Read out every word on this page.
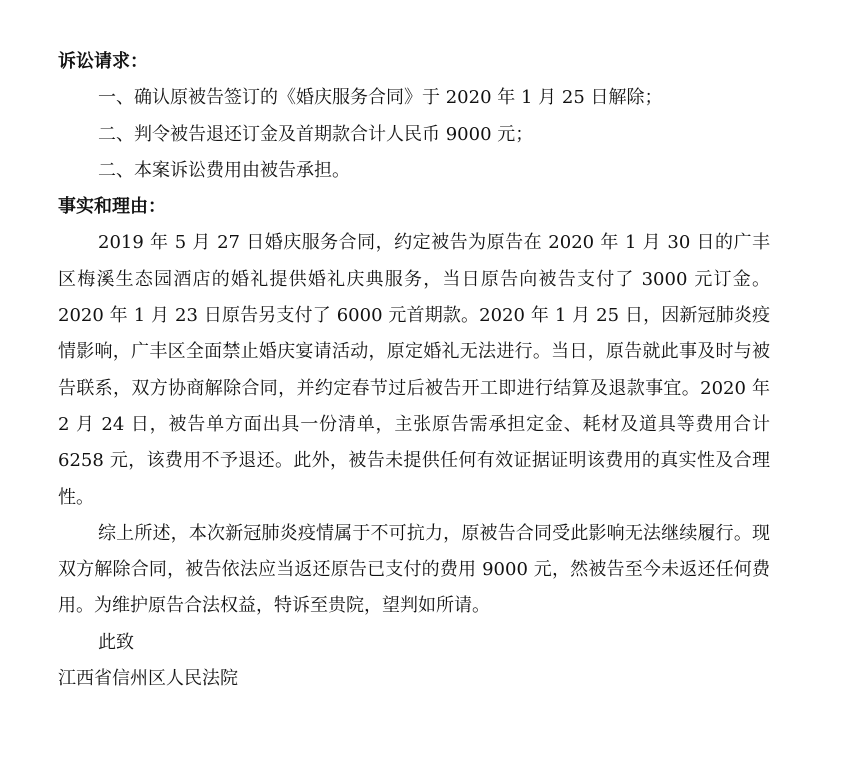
诉讼请求：
一、确认原被告签订的《婚庆服务合同》于 2020 年 1 月 25 日解除；
二、判令被告退还订金及首期款合计人民币 9000 元；
二、本案诉讼费用由被告承担。
事实和理由：
2019 年 5 月 27 日婚庆服务合同，约定被告为原告在 2020 年 1 月 30 日的广丰区梅溪生态园酒店的婚礼提供婚礼庆典服务，当日原告向被告支付了 3000 元订金。2020 年 1 月 23 日原告另支付了 6000 元首期款。2020 年 1 月 25 日，因新冠肺炎疫情影响，广丰区全面禁止婚庆宴请活动，原定婚礼无法进行。当日，原告就此事及时与被告联系，双方协商解除合同，并约定春节过后被告开工即进行结算及退款事宜。2020 年 2 月 24 日，被告单方面出具一份清单，主张原告需承担定金、耗材及道具等费用合计 6258 元，该费用不予退还。此外，被告未提供任何有效证据证明该费用的真实性及合理性。
综上所述，本次新冠肺炎疫情属于不可抗力，原被告合同受此影响无法继续履行。现双方解除合同，被告依法应当返还原告已支付的费用 9000 元，然被告至今未返还任何费用。为维护原告合法权益，特诉至贵院，望判如所请。
此致
江西省信州区人民法院
